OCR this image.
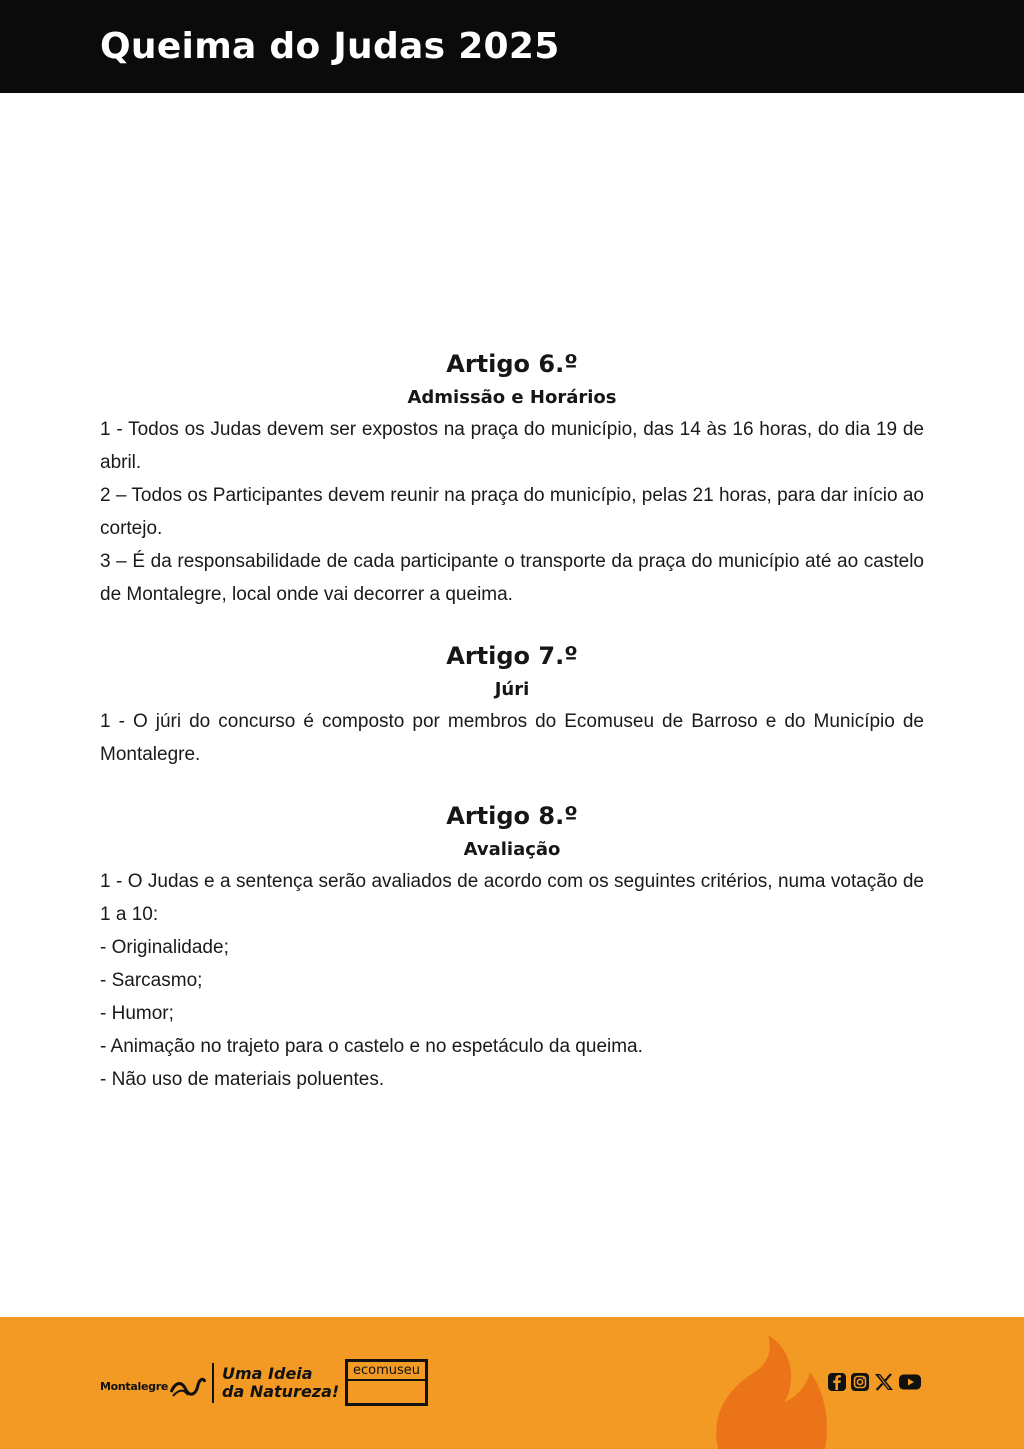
Queima do Judas 2025
Artigo 6.º
Admissão e Horários

1 - Todos os Judas devem ser expostos na praça do município, das 14 às 16 horas, do dia 19 de abril.

2 – Todos os Participantes devem reunir na praça do município, pelas 21 horas, para dar início ao cortejo.

3 – É da responsabilidade de cada participante o transporte da praça do município até ao castelo de Montalegre, local onde vai decorrer a queima.

Artigo 7.º
Júri

1 - O júri do concurso é composto por membros do Ecomuseu de Barroso e do Município de Montalegre.

Artigo 8.º
Avaliação

1 - O Judas e a sentença serão avaliados de acordo com os seguintes critérios, numa votação de 1 a 10:

- Originalidade;
- Sarcasmo;
- Humor;
- Animação no trajeto para o castelo e no espetáculo da queima.
- Não uso de materiais poluentes.
Montalegre
Uma Ideia
da Natureza!
ecomuseu
